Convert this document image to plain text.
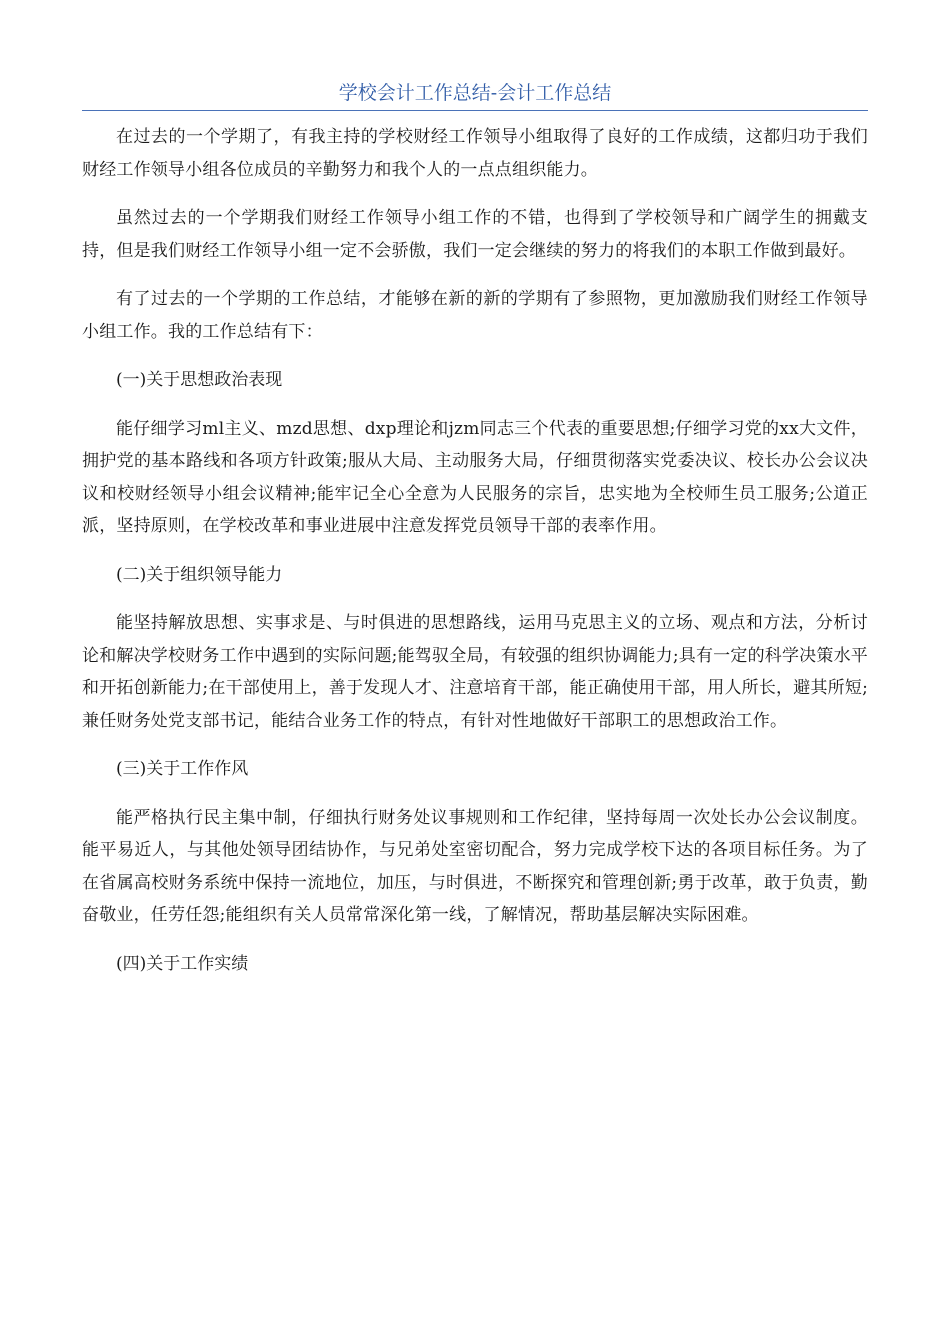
学校会计工作总结-会计工作总结

在过去的一个学期了，有我主持的学校财经工作领导小组取得了良好的工作成绩，这都归功于我们财经工作领导小组各位成员的辛勤努力和我个人的一点点组织能力。

虽然过去的一个学期我们财经工作领导小组工作的不错，也得到了学校领导和广阔学生的拥戴支持，但是我们财经工作领导小组一定不会骄傲，我们一定会继续的努力的将我们的本职工作做到最好。

有了过去的一个学期的工作总结，才能够在新的新的学期有了参照物，更加激励我们财经工作领导小组工作。我的工作总结有下：

(一)关于思想政治表现

能仔细学习ml主义、mzd思想、dxp理论和jzm同志三个代表的重要思想;仔细学习党的xx大文件，拥护党的基本路线和各项方针政策;服从大局、主动服务大局，仔细贯彻落实党委决议、校长办公会议决议和校财经领导小组会议精神;能牢记全心全意为人民服务的宗旨，忠实地为全校师生员工服务;公道正派，坚持原则，在学校改革和事业进展中注意发挥党员领导干部的表率作用。

(二)关于组织领导能力

能坚持解放思想、实事求是、与时俱进的思想路线，运用马克思主义的立场、观点和方法，分析讨论和解决学校财务工作中遇到的实际问题;能驾驭全局，有较强的组织协调能力;具有一定的科学决策水平和开拓创新能力;在干部使用上，善于发现人才、注意培育干部，能正确使用干部，用人所长，避其所短;兼任财务处党支部书记，能结合业务工作的特点，有针对性地做好干部职工的思想政治工作。

(三)关于工作作风

能严格执行民主集中制，仔细执行财务处议事规则和工作纪律，坚持每周一次处长办公会议制度。能平易近人，与其他处领导团结协作，与兄弟处室密切配合，努力完成学校下达的各项目标任务。为了在省属高校财务系统中保持一流地位，加压，与时俱进，不断探究和管理创新;勇于改革，敢于负责，勤奋敬业，任劳任怨;能组织有关人员常常深化第一线，了解情况，帮助基层解决实际困难。

(四)关于工作实绩
